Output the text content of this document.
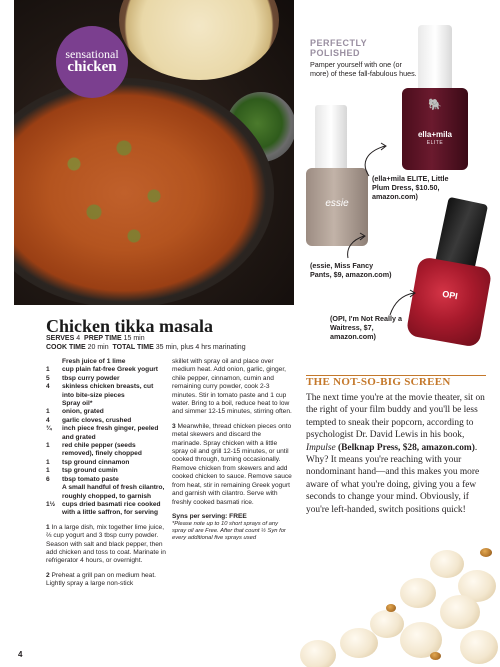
sensational
chicken
Chicken tikka masala
SERVES 4 PREP TIME 15 min
COOK TIME 20 min TOTAL TIME 35 min, plus 4 hrs marinating
Fresh juice of 1 lime
1	cup plain fat-free Greek yogurt
5	tbsp curry powder
4	skinless chicken breasts, cut into bite-size pieces
Spray oil*
1	onion, grated
4	garlic cloves, crushed
¾	inch piece fresh ginger, peeled and grated
1	red chile pepper (seeds removed), finely chopped
1	tsp ground cinnamon
1	tsp ground cumin
6	tbsp tomato paste
A small handful of fresh cilantro, roughly chopped, to garnish
1½	cups dried basmati rice cooked with a little saffron, for serving
1 In a large dish, mix together lime juice, ⅔ cup yogurt and 3 tbsp curry powder. Season with salt and black pepper, then add chicken and toss to coat. Marinate in refrigerator 4 hours, or overnight.
2 Preheat a grill pan on medium heat. Lightly spray a large non-stick
skillet with spray oil and place over medium heat. Add onion, garlic, ginger, chile pepper, cinnamon, cumin and remaining curry powder, cook 2-3 minutes. Stir in tomato paste and 1 cup water. Bring to a boil, reduce heat to low and simmer 12-15 minutes, stirring often.
3 Meanwhile, thread chicken pieces onto metal skewers and discard the marinade. Spray chicken with a little spray oil and grill 12-15 minutes, or until cooked through, turning occasionally. Remove chicken from skewers and add cooked chicken to sauce. Remove sauce from heat, stir in remaining Greek yogurt and garnish with cilantro. Serve with freshly cooked basmati rice.
Syns per serving: FREE
*Please note up to 10 short sprays of any spray oil are Free. After that count ½ Syn for every additional five sprays used
PERFECTLY
POLISHED
Pamper yourself with one (or more) of these fall-fabulous hues.
🐘
ella+mila
ELITE
essie
OPI
(ella+mila ELITE, Little Plum Dress, $10.50, amazon.com)
(essie, Miss Fancy Pants, $9, amazon.com)
(OPI, I'm Not Really a Waitress, $7, amazon.com)
THE NOT-SO-BIG SCREEN
The next time you're at the movie theater, sit on the right of your film buddy and you'll be less tempted to sneak their popcorn, according to psychologist Dr. David Lewis in his book, Impulse (Belknap Press, $28, amazon.com). Why? It means you're reaching with your nondominant hand—and this makes you more aware of what you're doing, giving you a few seconds to change your mind. Obviously, if you're left-handed, switch positions quick!
4
